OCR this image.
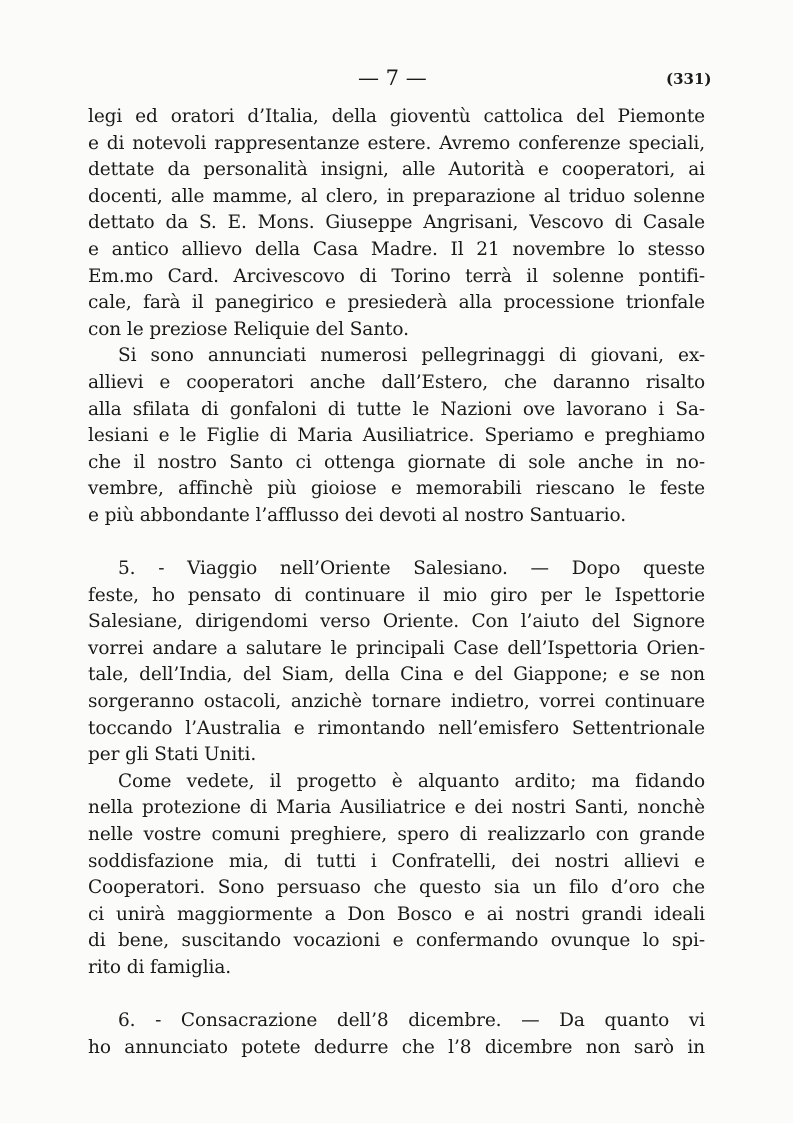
— 7 —	(331)
legi ed oratori d’Italia, della gioventù cattolica del Piemonte
e di notevoli rappresentanze estere. Avremo conferenze speciali,
dettate da personalità insigni, alle Autorità e cooperatori, ai
docenti, alle mamme, al clero, in preparazione al triduo solenne
dettato da S. E. Mons. Giuseppe Angrisani, Vescovo di Casale
e antico allievo della Casa Madre. Il 21 novembre lo stesso
Em.mo Card. Arcivescovo di Torino terrà il solenne pontifi-
cale, farà il panegirico e presiederà alla processione trionfale
con le preziose Reliquie del Santo.
Si sono annunciati numerosi pellegrinaggi di giovani, ex-
allievi e cooperatori anche dall’Estero, che daranno risalto
alla sfilata di gonfaloni di tutte le Nazioni ove lavorano i Sa-
lesiani e le Figlie di Maria Ausiliatrice. Speriamo e preghiamo
che il nostro Santo ci ottenga giornate di sole anche in no-
vembre, affinchè più gioiose e memorabili riescano le feste
e più abbondante l’afflusso dei devoti al nostro Santuario.
5. - Viaggio nell’Oriente Salesiano. — Dopo queste
feste, ho pensato di continuare il mio giro per le Ispettorie
Salesiane, dirigendomi verso Oriente. Con l’aiuto del Signore
vorrei andare a salutare le principali Case dell’Ispettoria Orien-
tale, dell’India, del Siam, della Cina e del Giappone; e se non
sorgeranno ostacoli, anzichè tornare indietro, vorrei continuare
toccando l’Australia e rimontando nell’emisfero Settentrionale
per gli Stati Uniti.
Come vedete, il progetto è alquanto ardito; ma fidando
nella protezione di Maria Ausiliatrice e dei nostri Santi, nonchè
nelle vostre comuni preghiere, spero di realizzarlo con grande
soddisfazione mia, di tutti i Confratelli, dei nostri allievi e
Cooperatori. Sono persuaso che questo sia un filo d’oro che
ci unirà maggiormente a Don Bosco e ai nostri grandi ideali
di bene, suscitando vocazioni e confermando ovunque lo spi-
rito di famiglia.
6. - Consacrazione dell’8 dicembre. — Da quanto vi
ho annunciato potete dedurre che l’8 dicembre non sarò in
